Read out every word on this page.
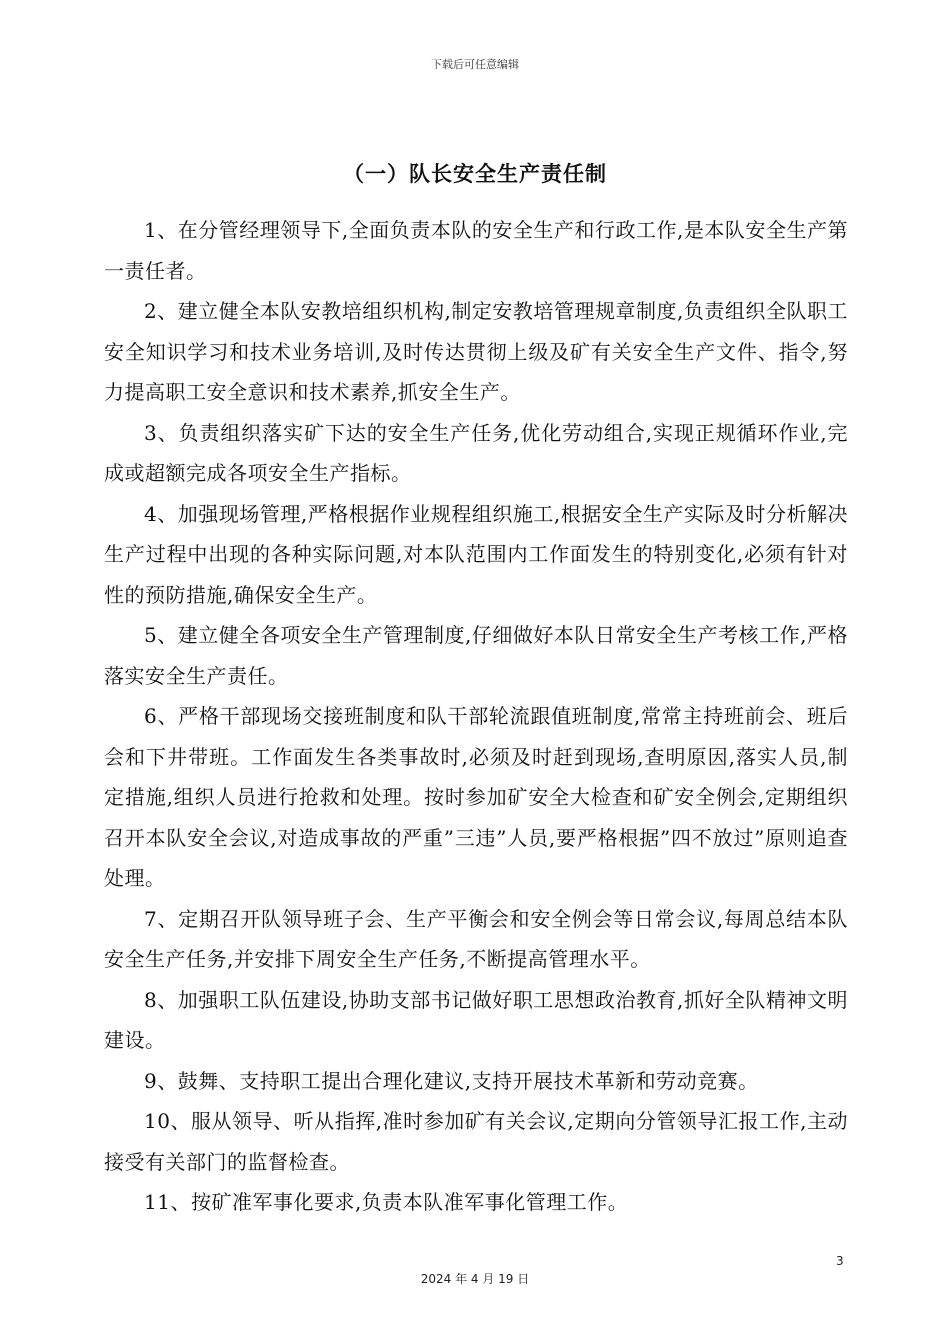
下载后可任意编辑
（一）队长安全生产责任制

1、在分管经理领导下,全面负责本队的安全生产和行政工作,是本队安全生产第一责任者。

2、建立健全本队安教培组织机构,制定安教培管理规章制度,负责组织全队职工安全知识学习和技术业务培训,及时传达贯彻上级及矿有关安全生产文件、指令,努力提高职工安全意识和技术素养,抓安全生产。

3、负责组织落实矿下达的安全生产任务,优化劳动组合,实现正规循环作业,完成或超额完成各项安全生产指标。

4、加强现场管理,严格根据作业规程组织施工,根据安全生产实际及时分析解决生产过程中出现的各种实际问题,对本队范围内工作面发生的特别变化,必须有针对性的预防措施,确保安全生产。

5、建立健全各项安全生产管理制度,仔细做好本队日常安全生产考核工作,严格落实安全生产责任。

6、严格干部现场交接班制度和队干部轮流跟值班制度,常常主持班前会、班后会和下井带班。工作面发生各类事故时,必须及时赶到现场,查明原因,落实人员,制定措施,组织人员进行抢救和处理。按时参加矿安全大检查和矿安全例会,定期组织召开本队安全会议,对造成事故的严重”三违”人员,要严格根据”四不放过”原则追查处理。

7、定期召开队领导班子会、生产平衡会和安全例会等日常会议,每周总结本队安全生产任务,并安排下周安全生产任务,不断提高管理水平。

8、加强职工队伍建设,协助支部书记做好职工思想政治教育,抓好全队精神文明建设。

9、鼓舞、支持职工提出合理化建议,支持开展技术革新和劳动竞赛。

10、服从领导、听从指挥,准时参加矿有关会议,定期向分管领导汇报工作,主动接受有关部门的监督检查。

11、按矿准军事化要求,负责本队准军事化管理工作。

3
2024 年 4 月 19 日
